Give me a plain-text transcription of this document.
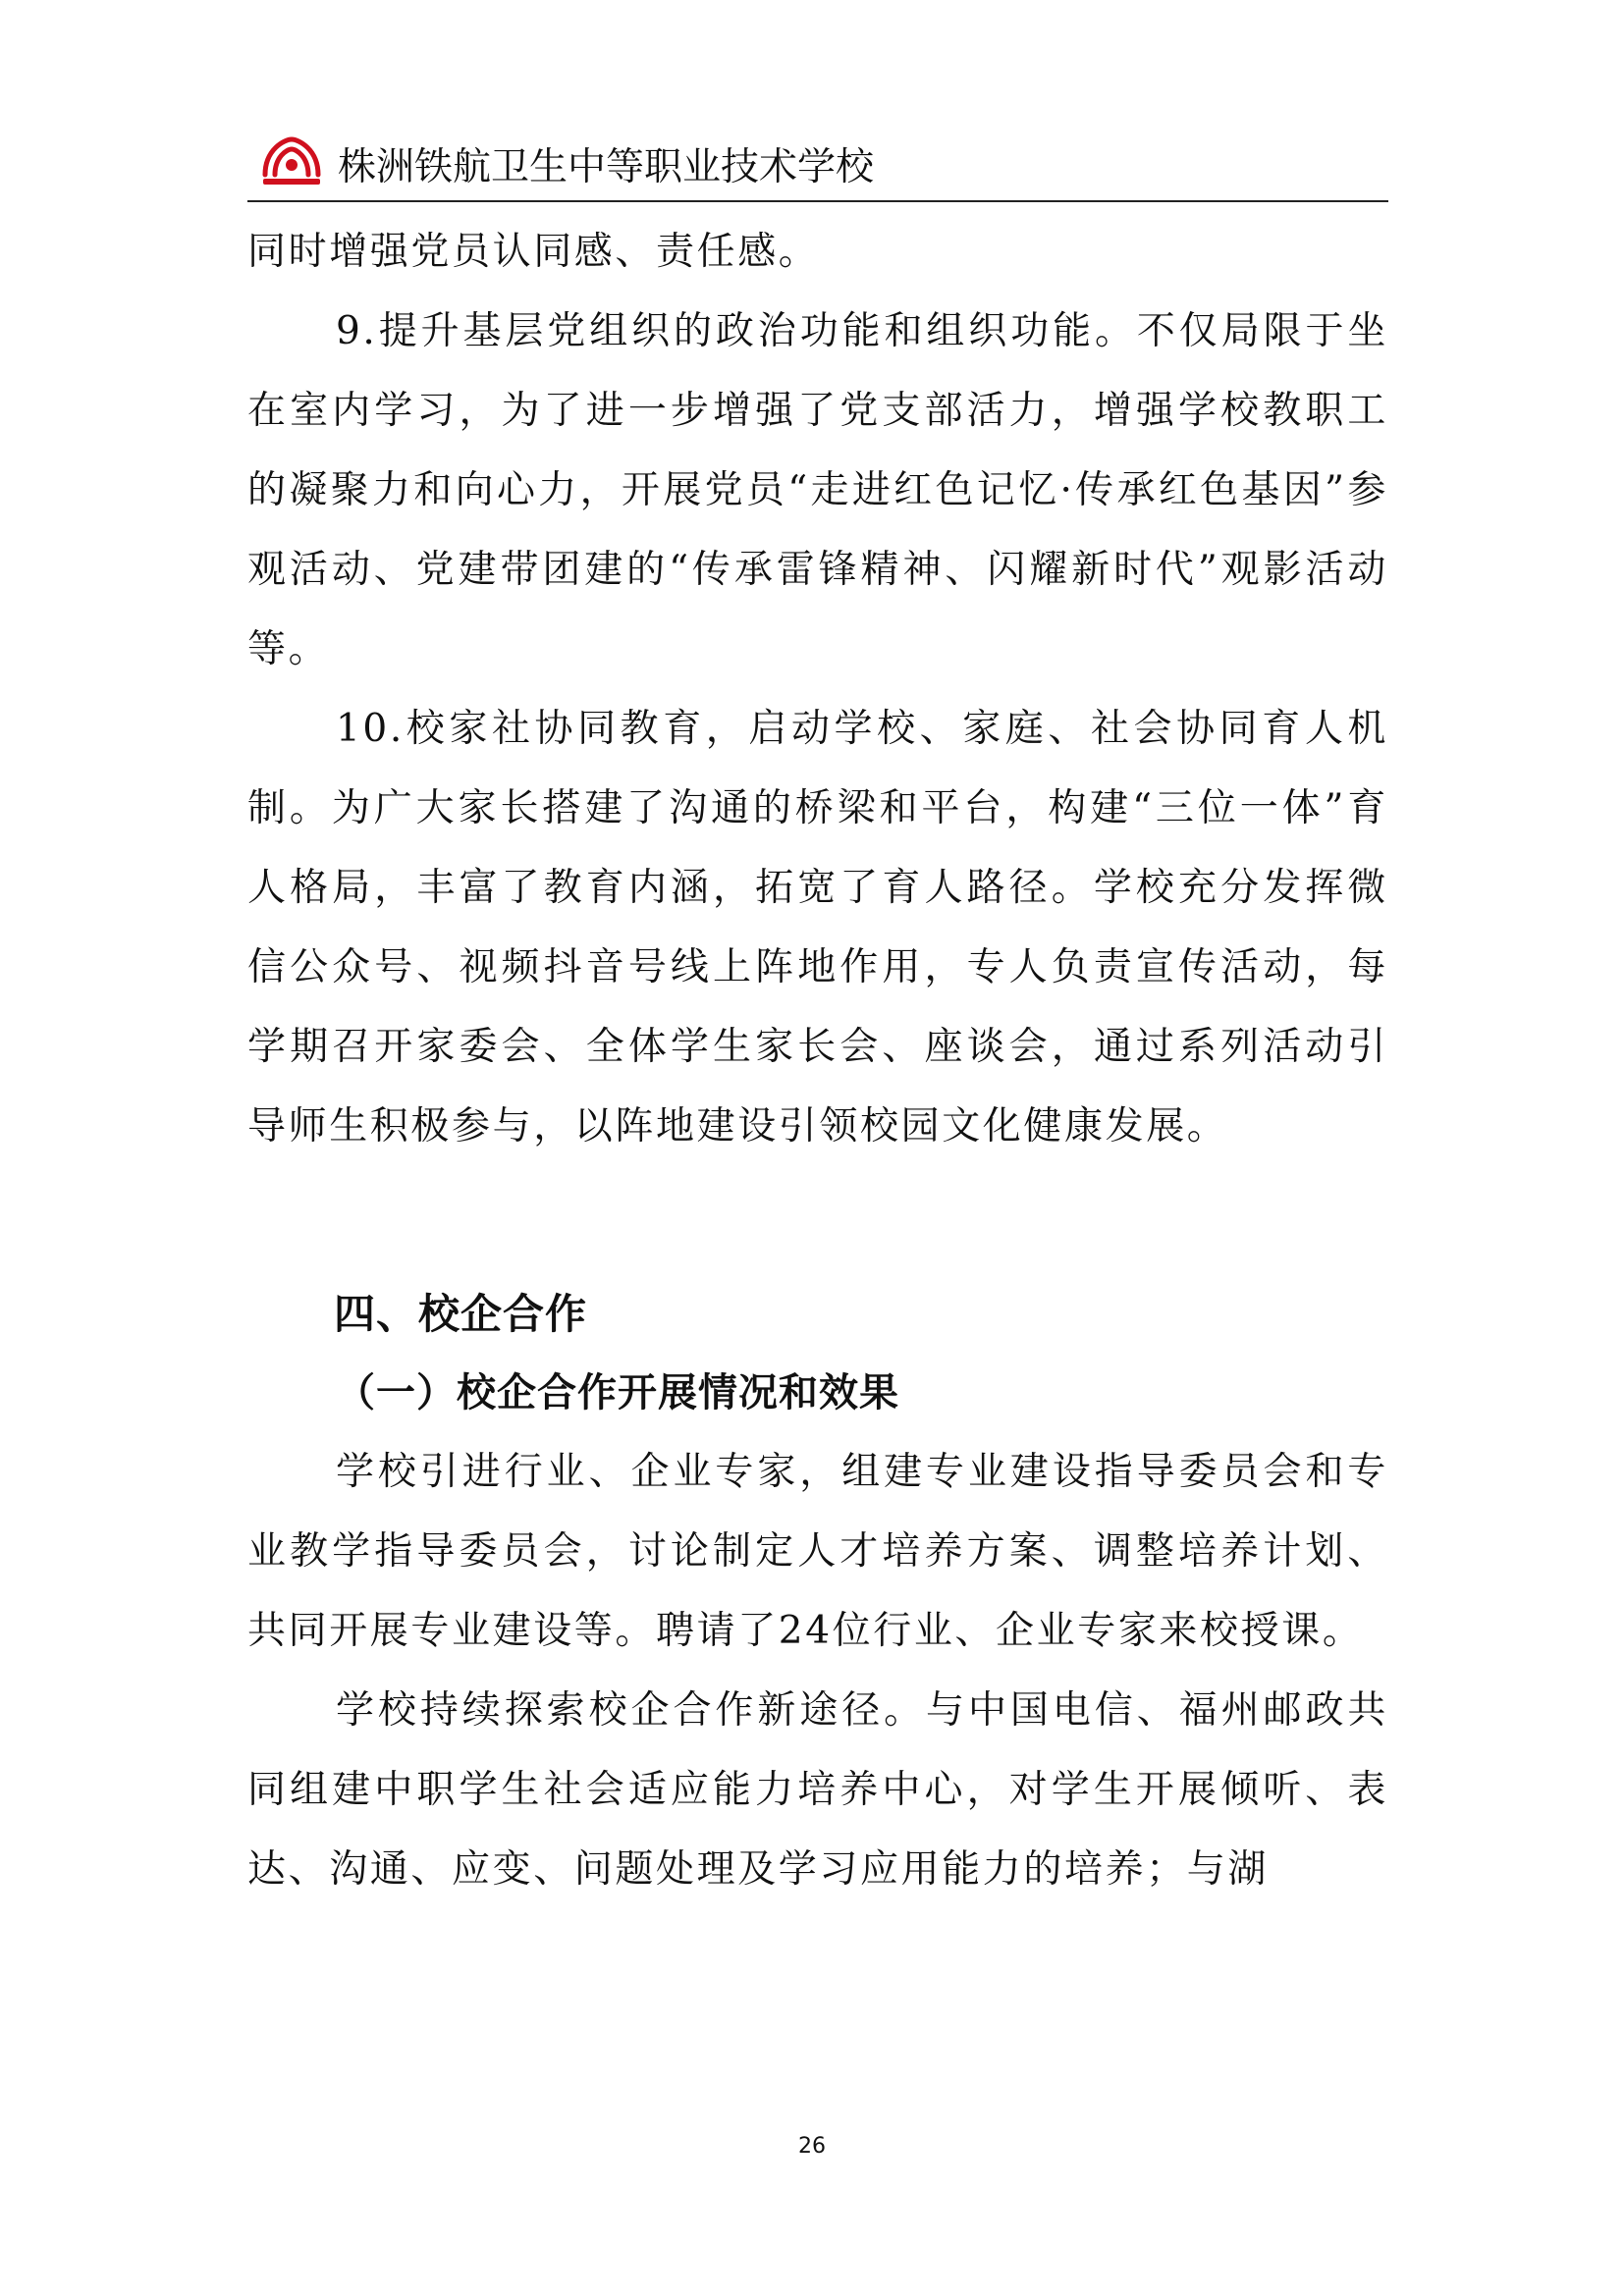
株洲铁航卫生中等职业技术学校

同时增强党员认同感、责任感。

9.提升基层党组织的政治功能和组织功能。不仅局限于坐在室内学习，为了进一步增强了党支部活力，增强学校教职工的凝聚力和向心力，开展党员“走进红色记忆·传承红色基因”参观活动、党建带团建的“传承雷锋精神、闪耀新时代”观影活动等。

10.校家社协同教育，启动学校、家庭、社会协同育人机制。为广大家长搭建了沟通的桥梁和平台，构建“三位一体”育人格局，丰富了教育内涵，拓宽了育人路径。学校充分发挥微信公众号、视频抖音号线上阵地作用，专人负责宣传活动，每学期召开家委会、全体学生家长会、座谈会，通过系列活动引导师生积极参与，以阵地建设引领校园文化健康发展。

四、校企合作
（一）校企合作开展情况和效果

学校引进行业、企业专家，组建专业建设指导委员会和专业教学指导委员会，讨论制定人才培养方案、调整培养计划、共同开展专业建设等。聘请了24位行业、企业专家来校授课。

学校持续探索校企合作新途径。与中国电信、福州邮政共同组建中职学生社会适应能力培养中心，对学生开展倾听、表达、沟通、应变、问题处理及学习应用能力的培养；与湖

26
